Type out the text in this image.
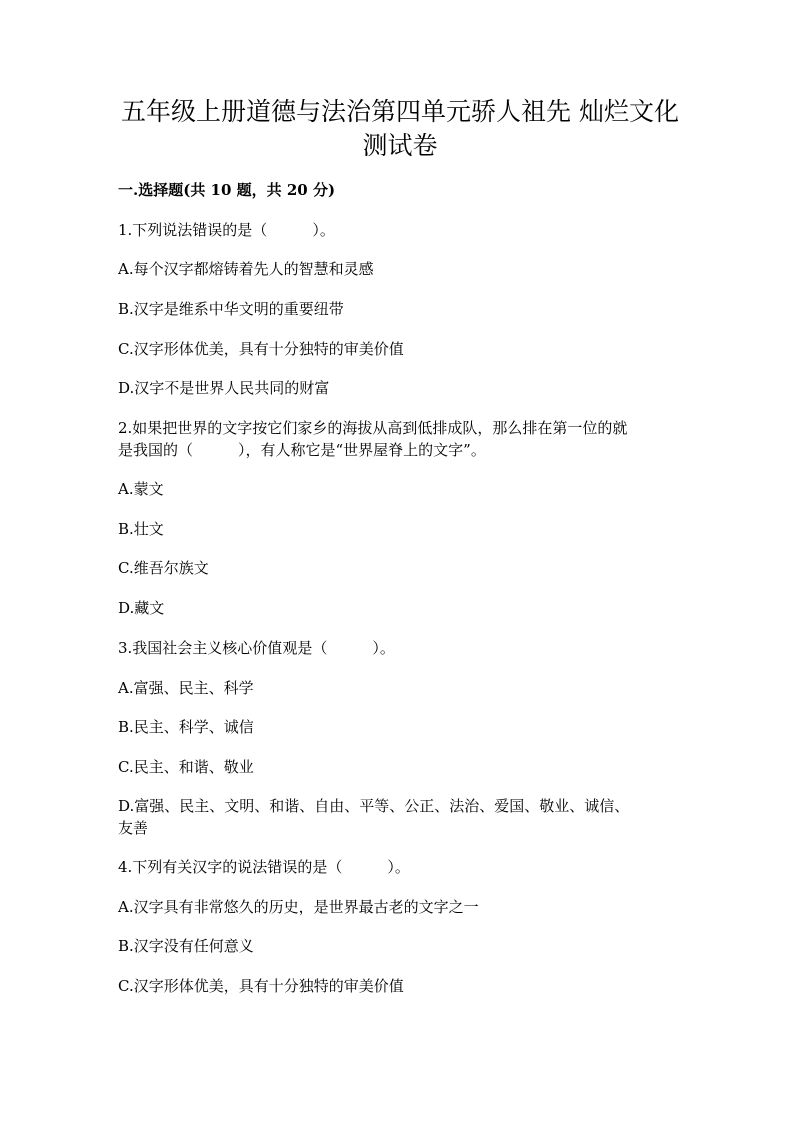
五年级上册道德与法治第四单元骄人祖先 灿烂文化
测试卷

一.选择题(共 10 题，共 20 分)

1.下列说法错误的是（　　　）。

A.每个汉字都熔铸着先人的智慧和灵感

B.汉字是维系中华文明的重要纽带

C.汉字形体优美，具有十分独特的审美价值

D.汉字不是世界人民共同的财富

2.如果把世界的文字按它们家乡的海拔从高到低排成队，那么排在第一位的就

是我国的（　　　），有人称它是“世界屋脊上的文字”。

A.蒙文

B.壮文

C.维吾尔族文

D.藏文

3.我国社会主义核心价值观是（　　　）。

A.富强、民主、科学

B.民主、科学、诚信

C.民主、和谐、敬业

D.富强、民主、文明、和谐、自由、平等、公正、法治、爱国、敬业、诚信、

友善

4.下列有关汉字的说法错误的是（　　　）。

A.汉字具有非常悠久的历史，是世界最古老的文字之一

B.汉字没有任何意义

C.汉字形体优美，具有十分独特的审美价值
